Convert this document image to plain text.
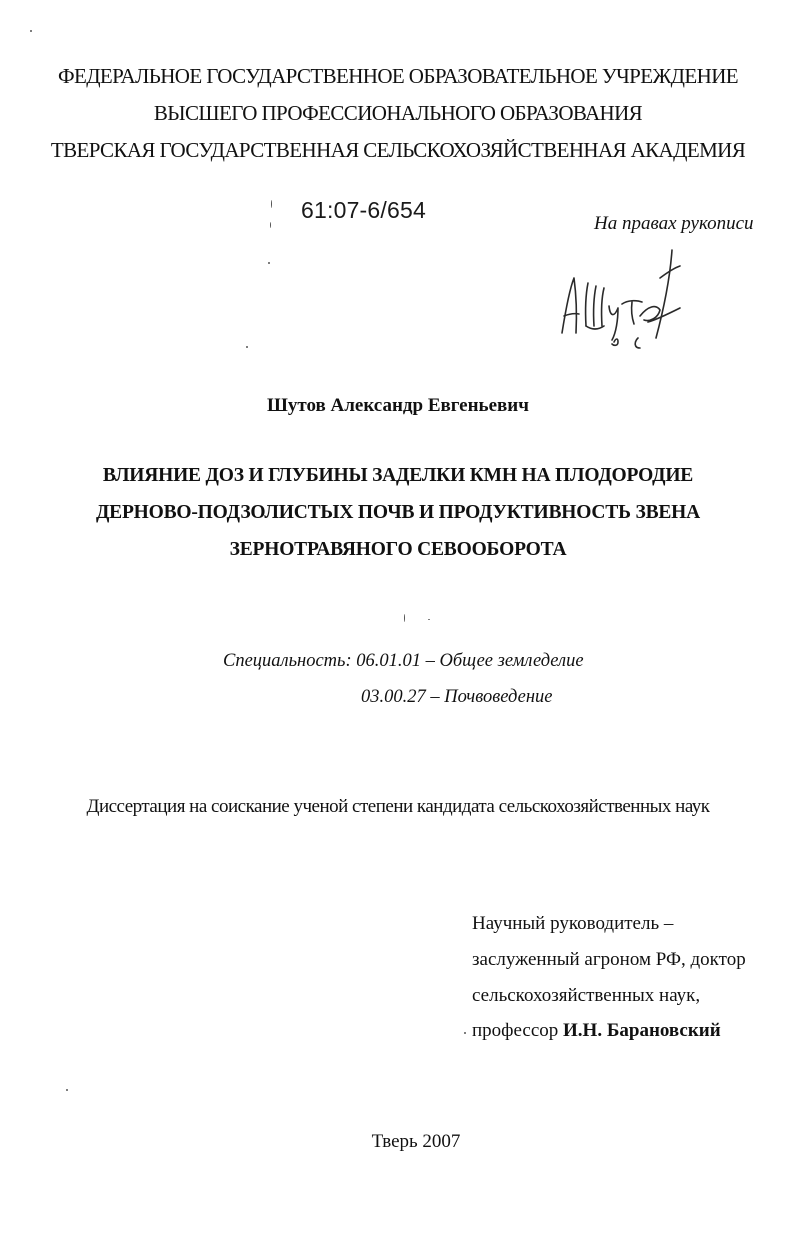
ФЕДЕРАЛЬНОЕ ГОСУДАРСТВЕННОЕ ОБРАЗОВАТЕЛЬНОЕ УЧРЕЖДЕНИЕ
ВЫСШЕГО ПРОФЕССИОНАЛЬНОГО ОБРАЗОВАНИЯ
ТВЕРСКАЯ ГОСУДАРСТВЕННАЯ СЕЛЬСКОХОЗЯЙСТВЕННАЯ АКАДЕМИЯ
61:07-6/654
На правах рукописи
Шутов Александр Евгеньевич
ВЛИЯНИЕ ДОЗ И ГЛУБИНЫ ЗАДЕЛКИ КМН НА ПЛОДОРОДИЕ
ДЕРНОВО-ПОДЗОЛИСТЫХ ПОЧВ И ПРОДУКТИВНОСТЬ ЗВЕНА
ЗЕРНОТРАВЯНОГО СЕВООБОРОТА
Специальность: 06.01.01 – Общее земледелие
03.00.27 – Почвоведение
Диссертация на соискание ученой степени кандидата сельскохозяйственных наук
Научный руководитель –
заслуженный агроном РФ, доктор
сельскохозяйственных наук,
профессор И.Н. Барановский
Тверь 2007
